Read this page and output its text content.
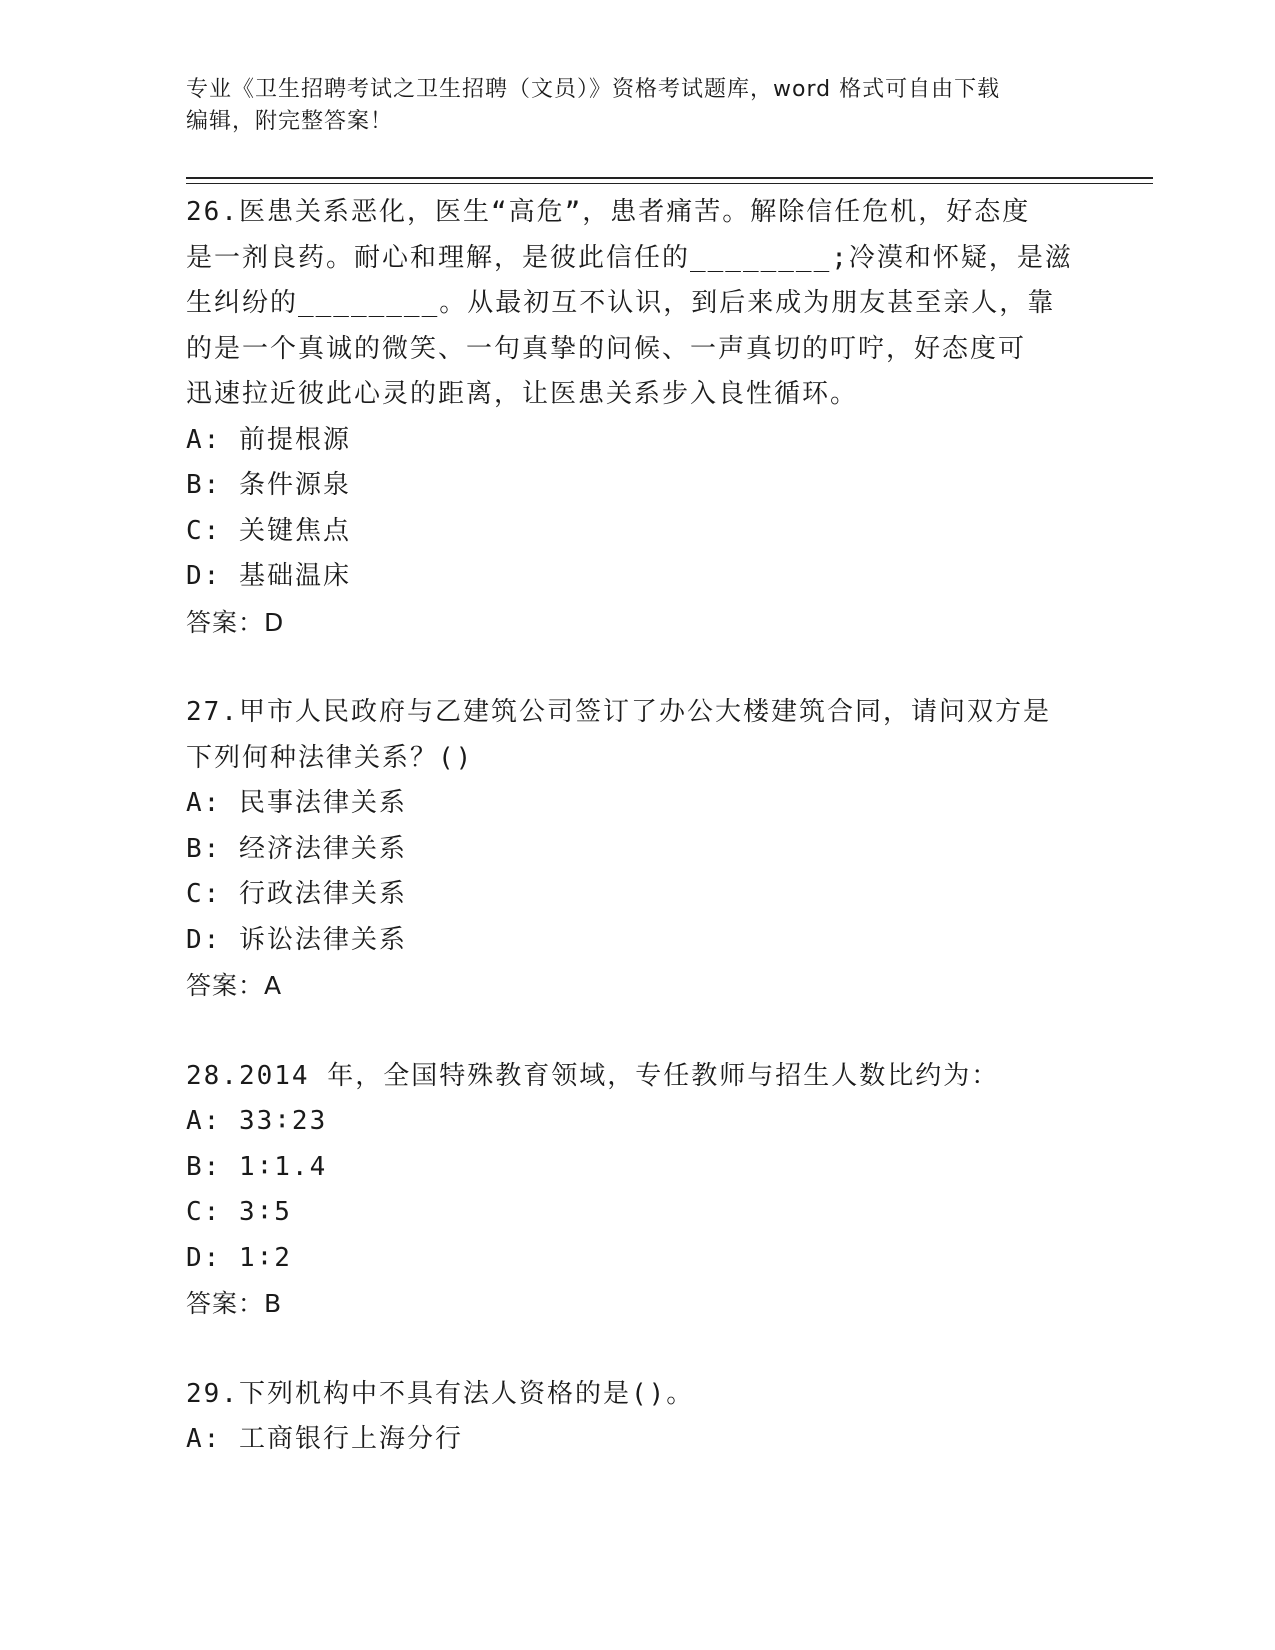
专业《卫生招聘考试之卫生招聘（文员）》资格考试题库，word 格式可自由下载
编辑，附完整答案！
26.医患关系恶化，医生“高危”，患者痛苦。解除信任危机，好态度
是一剂良药。耐心和理解，是彼此信任的________;冷漠和怀疑，是滋
生纠纷的________。从最初互不认识，到后来成为朋友甚至亲人，靠
的是一个真诚的微笑、一句真挚的问候、一声真切的叮咛，好态度可
迅速拉近彼此心灵的距离，让医患关系步入良性循环。
A: 前提根源
B: 条件源泉
C: 关键焦点
D: 基础温床
答案：D
27.甲市人民政府与乙建筑公司签订了办公大楼建筑合同，请问双方是
下列何种法律关系？()
A: 民事法律关系
B: 经济法律关系
C: 行政法律关系
D: 诉讼法律关系
答案：A
28.2014 年，全国特殊教育领域，专任教师与招生人数比约为：
A: 33∶23
B: 1∶1.4
C: 3∶5
D: 1∶2
答案：B
29.下列机构中不具有法人资格的是()。
A: 工商银行上海分行
